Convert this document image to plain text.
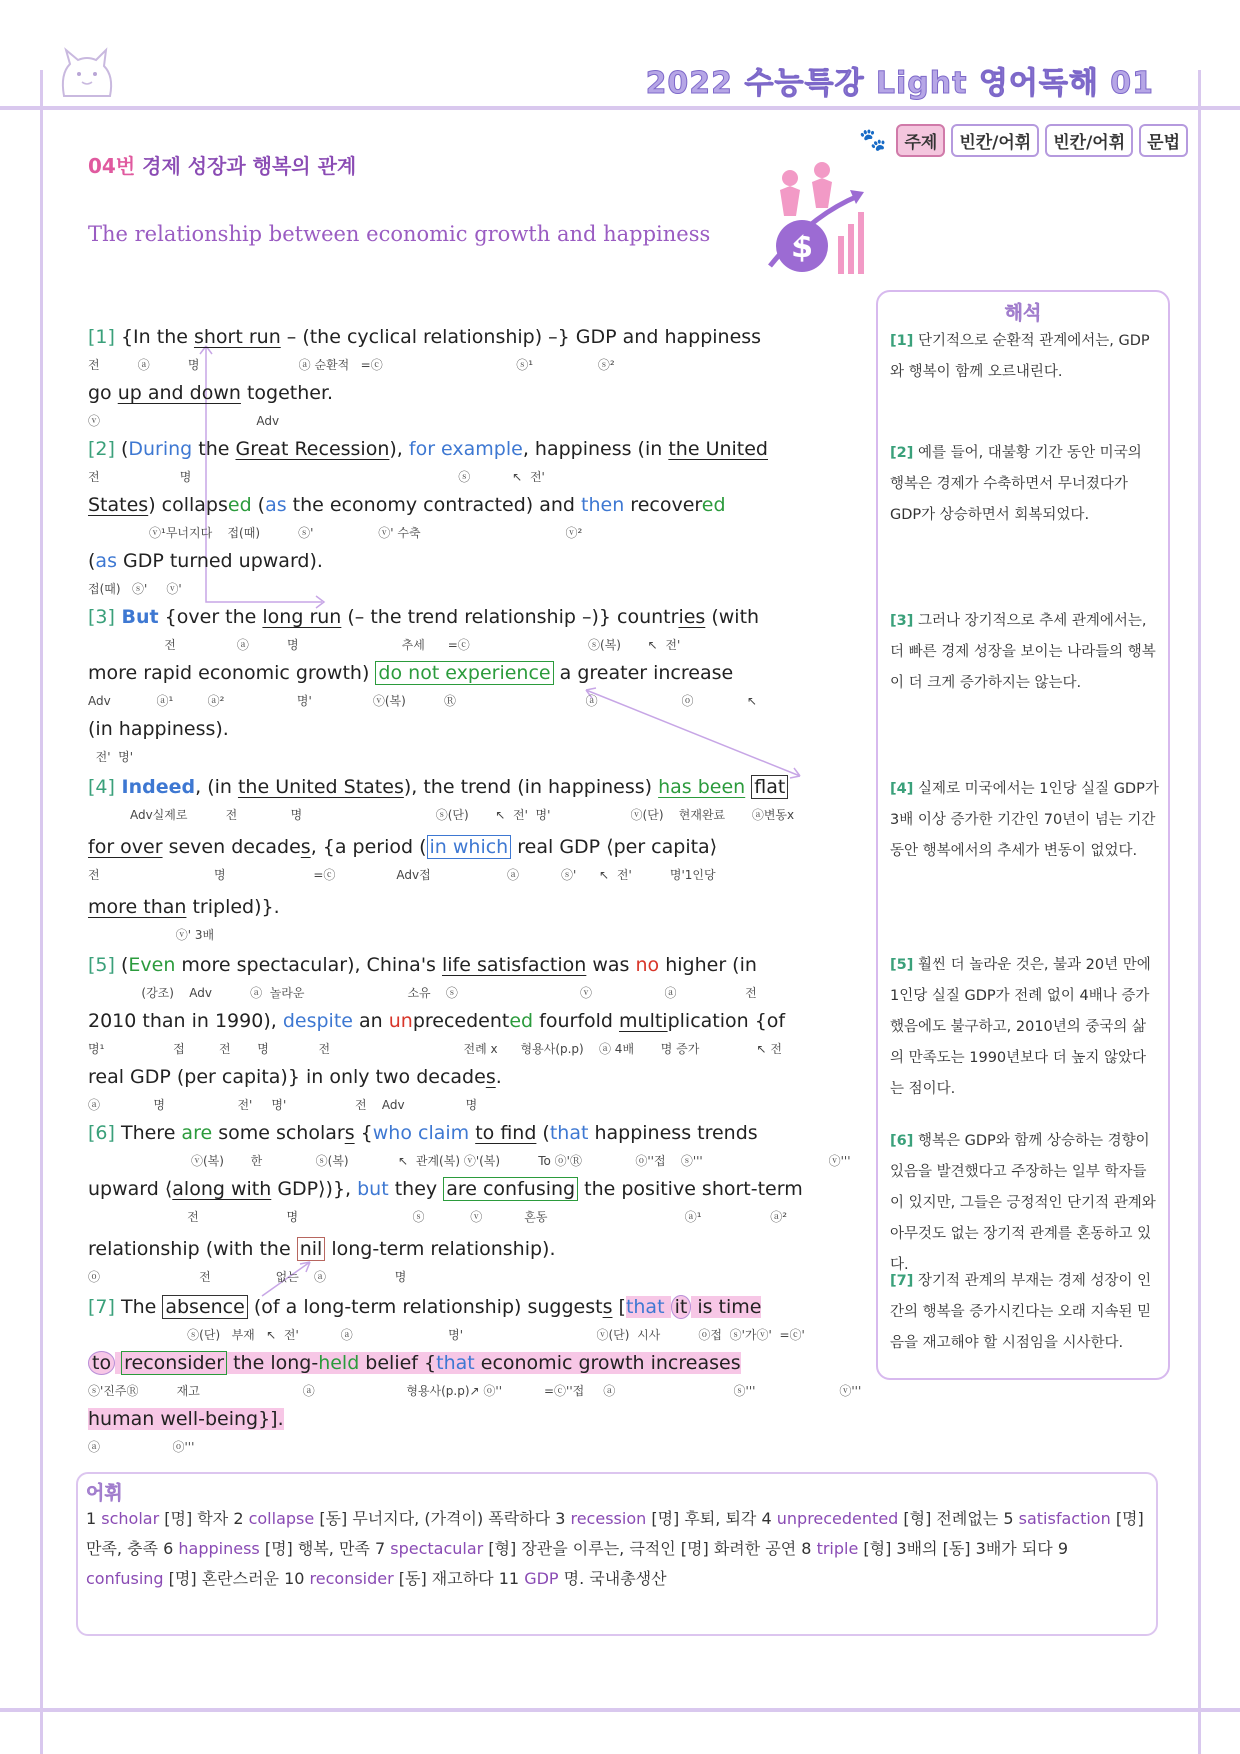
2022 수능특강 Light 영어독해 01
🐾	주제	빈칸/어휘	빈칸/어휘	문법
04번 경제 성장과 행복의 관계
The relationship between economic growth and happiness	$
[1] {In the short run – (the cyclical relationship) –} GDP and happiness
전          ⓐ          명                          ⓐ 순환적   =ⓒ                                   ⓢ¹                 ⓢ²
go up and down together.
ⓥ                                         Adv
[2] (During the Great Recession), for example, happiness (in the United
전                     명                                                                      ⓢ           ↖  전'
States) collapsed (as the economy contracted) and then recovered
ⓥ¹무너지다    접(때)          ⓢ'                 ⓥ' 수축                                      ⓥ²
(as GDP turned upward).
접(때)   ⓢ'     ⓥ'
[3] But {over the long run (– the trend relationship –)} countries (with
전                ⓐ          명                           추세      =ⓒ                               ⓢ(복)       ↖  전'
more rapid economic growth) do not experience a greater increase
Adv            ⓐ¹         ⓐ²                   명'                ⓥ(복)          Ⓡ                                  ⓐ                      ⓞ              ↖
(in happiness).
전'  명'
[4] Indeed, (in the United States), the trend (in happiness) has been flat
Adv실제로          전              명                                   ⓢ(단)       ↖  전'  명'                     ⓥ(단)    현재완료       ⓐ변동x
for over seven decades, {a period ( in which real GDP ⟨per capita⟩
전                              명                       =ⓒ                Adv접                    ⓐ           ⓢ'      ↖  전'          명'1인당
more than tripled)}.
ⓥ' 3배
[5] (Even more spectacular), China's life satisfaction was no higher (in
(강조)    Adv          ⓐ  놀라운                           소유    ⓢ                                ⓥ                   ⓐ                  전
2010 than in 1990), despite an unprecedented fourfold multiplication {of
명¹                  접         전       명             전                                   전례 x      형용사(p.p)    ⓐ 4배       명 증가               ↖ 전
real GDP (per capita)} in only two decades.
ⓐ              명                   전'     명'                  전    Adv                명
[6] There are some scholars {who claim to find (that happiness trends
ⓥ(복)       한              ⓢ(복)             ↖  관계(복) ⓥ'(복)          To ⓞ'Ⓡ              ⓞ''접    ⓢ'''                                 ⓥ'''
upward ⟨along with GDP⟩)}, but they are confusing the positive short-term
전                       명                              ⓢ            ⓥ           혼동                                    ⓐ¹                  ⓐ²
relationship (with the nil long-term relationship).
ⓞ                          전                 없는    ⓐ                  명
[7] The absence (of a long-term relationship) suggests [that it is time
ⓢ(단)   부재   ↖  전'           ⓐ                         명'                                   ⓥ(단)  시사          ⓞ접  ⓢ'가ⓥ'  =ⓒ'
to reconsider the long-held belief {that economic growth increases
ⓢ'진주Ⓡ          재고                           ⓐ                        형용사(p.p)↗ ⓞ''           =ⓒ''접     ⓐ                               ⓢ'''                      ⓥ'''
human well-being}].
ⓐ                   ⓞ'''
해석
[1] 단기적으로 순환적 관계에서는, GDP와 행복이 함께 오르내린다.
[2] 예를 들어, 대불황 기간 동안 미국의 행복은 경제가 수축하면서 무너졌다가 GDP가 상승하면서 회복되었다.
[3] 그러나 장기적으로 추세 관계에서는, 더 빠른 경제 성장을 보이는 나라들의 행복이 더 크게 증가하지는 않는다.
[4] 실제로 미국에서는 1인당 실질 GDP가 3배 이상 증가한 기간인 70년이 넘는 기간 동안 행복에서의 추세가 변동이 없었다.
[5] 훨씬 더 놀라운 것은, 불과 20년 만에 1인당 실질 GDP가 전례 없이 4배나 증가했음에도 불구하고, 2010년의 중국의 삶의 만족도는 1990년보다 더 높지 않았다는 점이다.
[6] 행복은 GDP와 함께 상승하는 경향이 있음을 발견했다고 주장하는 일부 학자들이 있지만, 그들은 긍정적인 단기적 관계와 아무것도 없는 장기적 관계를 혼동하고 있다.
[7] 장기적 관계의 부재는 경제 성장이 인간의 행복을 증가시킨다는 오래 지속된 믿음을 재고해야 할 시점임을 시사한다.
어휘
1 scholar [명] 학자 2 collapse [동] 무너지다, (가격이) 폭락하다 3 recession [명] 후퇴, 퇴각 4 unprecedented [형] 전례없는 5 satisfaction [명] 만족, 충족 6 happiness [명] 행복, 만족 7 spectacular [형] 장관을 이루는, 극적인 [명] 화려한 공연 8 triple [형] 3배의 [동] 3배가 되다 9 confusing [명] 혼란스러운 10 reconsider [동] 재고하다 11 GDP 명. 국내총생산
